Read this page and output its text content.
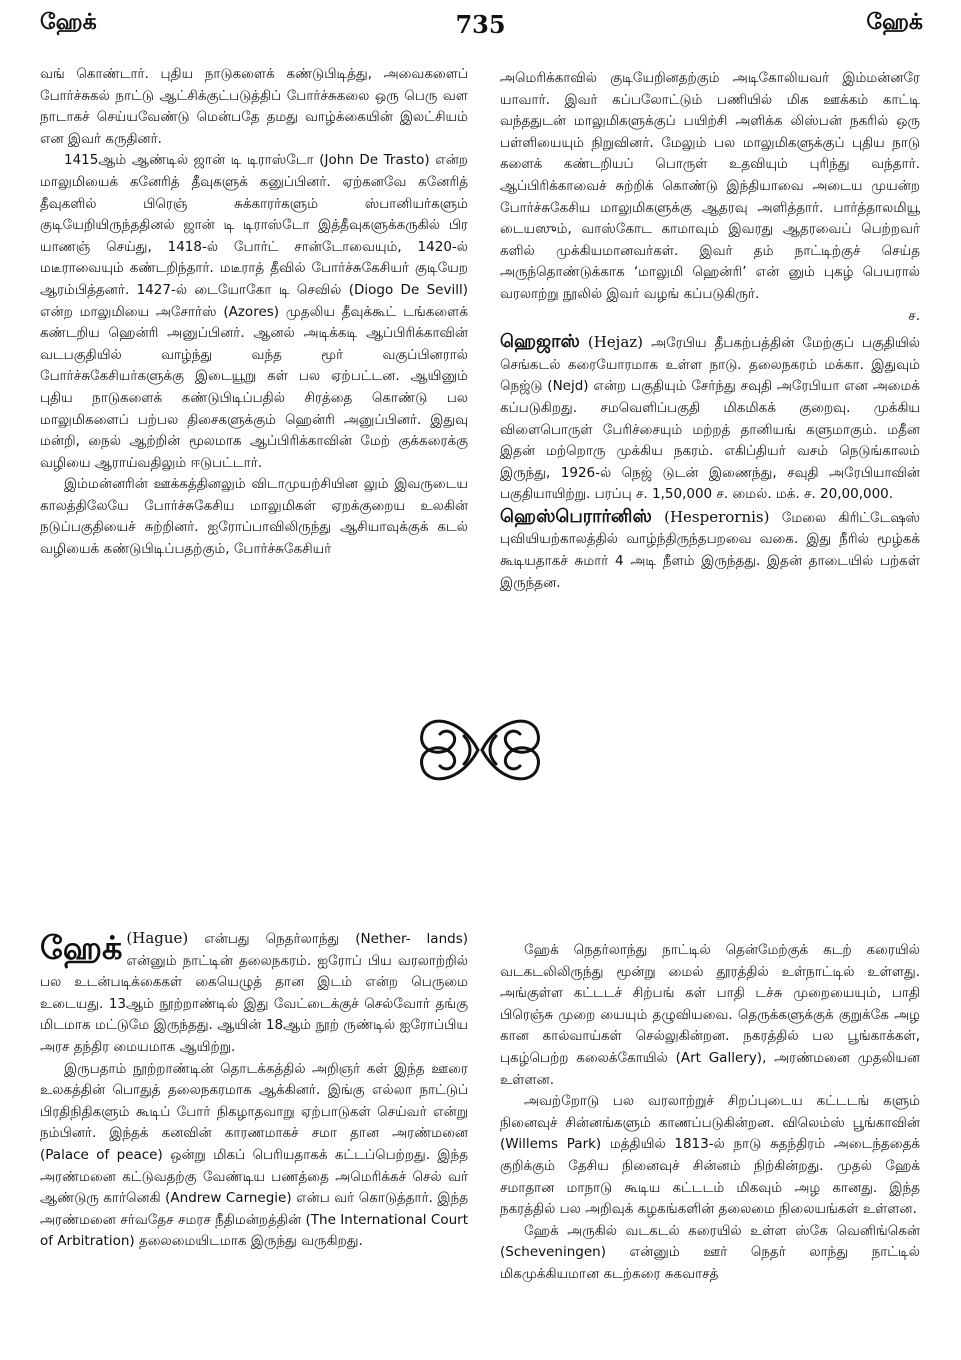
ஹேக்	735	ஹேக்

வங் கொண்டார். புதிய நாடுகளைக் கண்டுபிடித்து, அவைகளைப் போர்ச்சுகல் நாட்டு ஆட்சிக்குட்படுத்திப் போர்ச்சுகலை ஒரு பெரு வள நாடாகச் செய்யவேண்டு மென்பதே தமது வாழ்க்கையின் இலட்சியம் என இவர் கருதினர்.

1415ஆம் ஆண்டில் ஜான் டி டிராஸ்டோ (John De Trasto) என்ற மாலுமியைக் கனேரித் தீவுகளுக் கனுப்பினர். ஏற்கனவே கனேரித் தீவுகளில் பிரெஞ் சுக்காரர்களும் ஸ்பானியர்களும் குடியேறியிருந்ததினல் ஜான் டி டிராஸ்டோ இத்தீவுகளுக்கருகில் பிர யாணஞ் செய்து, 1418-ல் போர்ட் சான்டோவையும், 1420-ல் மடீராவையும் கண்டறிந்தார். மடீராத் தீவில் போர்ச்சுகேசியர் குடியேற ஆரம்பித்தனர். 1427-ல் டையோகோ டி செவில் (Diogo De Sevill) என்ற மாலுமியை அசோர்ஸ் (Azores) முதலிய தீவுக்கூட் டங்களைக் கண்டறிய ஹென்ரி அனுப்பினர். ஆனல் அடிக்கடி ஆப்பிரிக்காவின் வடபகுதியில் வாழ்ந்து வந்த மூர் வகுப்பினரால் போர்ச்சுகேசியர்களுக்கு இடையூறு கள் பல ஏற்பட்டன. ஆயினும் புதிய நாடுகளைக் கண்டுபிடிப்பதில் சிரத்தை கொண்டு பல மாலுமிகளைப் பற்பல திசைகளுக்கும் ஹென்ரி அனுப்பினர். இதுவு மன்றி, நைல் ஆற்றின் மூலமாக ஆப்பிரிக்காவின் மேற் குக்கரைக்கு வழியை ஆராய்வதிலும் ஈடுபட்டார்.

இம்மன்னரின் ஊக்கத்தினலும் விடாமுயற்சியின லும் இவருடைய காலத்திலேயே போர்ச்சுகேசிய மாலுமிகள் ஏறக்குறைய உலகின் நடுப்பகுதியைச் சுற்றினர். ஐரோப்பாவிலிருந்து ஆசியாவுக்குக் கடல் வழியைக் கண்டுபிடிப்பதற்கும், போர்ச்சுகேசியர்

அமெரிக்காவில் குடியேறினதற்கும் அடிகோலியவர் இம்மன்னரே யாவார். இவர் கப்பலோட்டும் பணியில் மிக ஊக்கம் காட்டி வந்ததுடன் மாலுமிகளுக்குப் பயிற்சி அளிக்க லிஸ்பன் நகரில் ஒரு பள்ளியையும் நிறுவினர். மேலும் பல மாலுமிகளுக்குப் புதிய நாடு களைக் கண்டறியப் பொருள் உதவியும் புரிந்து வந்தார். ஆப்பிரிக்காவைச் சுற்றிக் கொண்டு இந்தியாவை அடைய முயன்ற போர்ச்சுகேசிய மாலுமிகளுக்கு ஆதரவு அளித்தார். பார்த்தாலமியூ டையஸும், வாஸ்கோட காமாவும் இவரது ஆதரவைப் பெற்றவர் களில் முக்கியமானவர்கள். இவர் தம் நாட்டிற்குச் செய்த அருந்தொண்டுக்காக ‘மாலுமி ஹென்ரி’ என் னும் புகழ் பெயரால் வரலாற்று நூலில் இவர் வழங் கப்படுகிருர்.

ச.

ஹெஜாஸ் (Hejaz) அரேபிய தீபகற்பத்தின் மேற்குப் பகுதியில் செங்கடல் கரையோரமாக உள்ள நாடு. தலைநகரம் மக்கா. இதுவும் நெஜ்டு (Nejd) என்ற பகுதியும் சேர்ந்து சவுதி அரேபியா என அமைக் கப்படுகிறது. சமவெளிப்பகுதி மிகமிகக் குறைவு. முக்கிய விளைபொருள் பேரிச்சையும் மற்றத் தானியங் களுமாகும். மதீன இதன் மற்றொரு முக்கிய நகரம். எகிப்தியர் வசம் நெடுங்காலம் இருந்து, 1926-ல் நெஜ் டுடன் இணைந்து, சவுதி அரேபியாவின் பகுதியாயிற்று. பரப்பு ச. 1,50,000 ச. மைல். மக். ச. 20,00,000.

ஹெஸ்பெரார்னிஸ் (Hesperornis) மேலை கிரிட்டேஷஸ் புவியியற்காலத்தில் வாழ்ந்திருந்தபறவை வகை. இது நீரில் மூழ்கக் கூடியதாகச் சுமார் 4 அடி நீளம் இருந்தது. இதன் தாடையில் பற்கள் இருந்தன.

ஹேக் (Hague) என்பது நெதர்லாந்து (Nether- lands) என்னும் நாட்டின் தலைநகரம். ஐரோப் பிய வரலாற்றில் பல உடன்படிக்கைகள் கையெழுத் தான இடம் என்ற பெருமை உடையது. 13ஆம் நூற்றாண்டில் இது வேட்டைக்குச் செல்வோர் தங்கு மிடமாக மட்டுமே இருந்தது. ஆயின் 18ஆம் நூற் ருண்டில் ஐரோப்பிய அரச தந்திர மையமாக ஆயிற்று.

இருபதாம் நூற்றாண்டின் தொடக்கத்தில் அறிஞர் கள் இந்த ஊரை உலகத்தின் பொதுத் தலைநகரமாக ஆக்கினர். இங்கு எல்லா நாட்டுப் பிரதிநிதிகளும் கூடிப் போர் நிகழாதவாறு ஏற்பாடுகள் செய்வர் என்று நம்பினர். இந்தக் கனவின் காரணமாகச் சமா தான அரண்மனை (Palace of peace) ஒன்று மிகப் பெரியதாகக் கட்டப்பெற்றது. இந்த அரண்மனை கட்டுவதற்கு வேண்டிய பணத்தை அமெரிக்கச் செல் வர் ஆண்டுரு கார்னெகி (Andrew Carnegie) என்ப வர் கொடுத்தார். இந்த அரண்மனை சர்வதேச சமரச நீதிமன்றத்தின் (The International Court of Arbitration) தலைமையிடமாக இருந்து வருகிறது.

ஹேக் நெதர்லாந்து நாட்டில் தென்மேற்குக் கடற் கரையில் வடகடலிலிருந்து மூன்று மைல் தூரத்தில் உள்நாட்டில் உள்ளது. அங்குள்ள கட்டடச் சிற்பங் கள் பாதி டச்சு முறையையும், பாதி பிரெஞ்சு முறை யையும் தழுவியவை. தெருக்களுக்குக் குறுக்கே அழ கான கால்வாய்கள் செல்லுகின்றன. நகரத்தில் பல பூங்காக்கள், புகழ்பெற்ற கலைக்கோயில் (Art Gallery), அரண்மனை முதலியன உள்ளன.

அவற்றோடு பல வரலாற்றுச் சிறப்புடைய கட்டடங் களும் நினைவுச் சின்னங்களும் காணப்படுகின்றன. விலெம்ஸ் பூங்காவின் (Willems Park) மத்தியில் 1813-ல் நாடு சுதந்திரம் அடைந்ததைக் குறிக்கும் தேசிய நினைவுச் சின்னம் நிற்கின்றது. முதல் ஹேக் சமாதான மாநாடு கூடிய கட்டடம் மிகவும் அழ கானது. இந்த நகரத்தில் பல அறிவுக் கழகங்களின் தலைமை நிலையங்கள் உள்ளன.

ஹேக் அருகில் வடகடல் கரையில் உள்ள ஸ்கே வெனிங்கென் (Scheveningen) என்னும் ஊர் நெதர் லாந்து நாட்டில் மிகமுக்கியமான கடற்கரை சுகவாசத்
